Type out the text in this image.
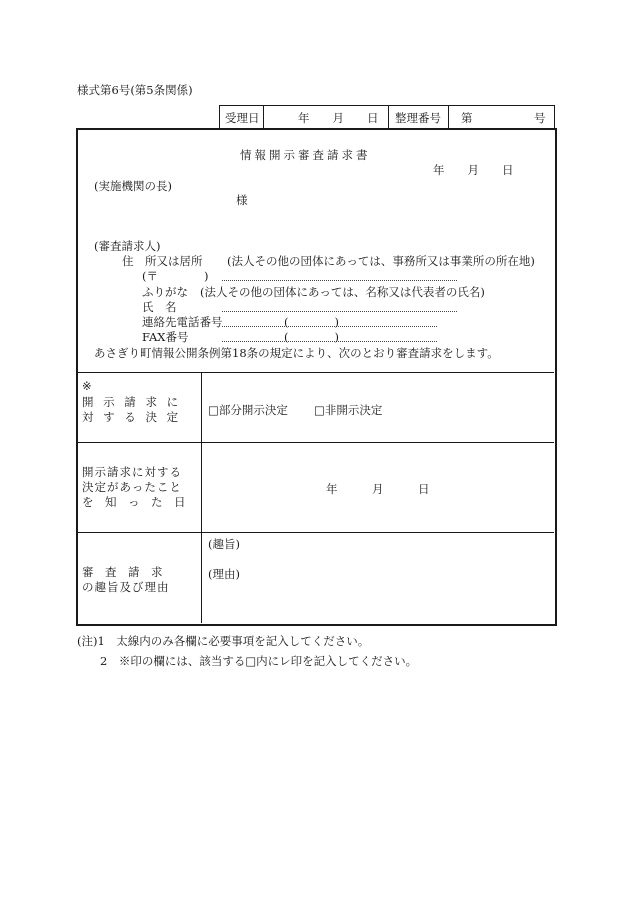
様式第6号(第5条関係)
受理日	年　　月　　日 整理番号 第	号
情報開示審査請求書
年　　月　　日
(実施機関の長)
様
(審査請求人)
住　所又は居所 (法人その他の団体にあっては、事務所又は事業所の所在地)
(〒　　　　)
ふりがな (法人その他の団体にあっては、名称又は代表者の氏名)
氏　名
連絡先電話番号	(　　　　)
FAX番号	(　　　　)
あさぎり町情報公開条例第18条の規定により、次のとおり審査請求をします。
※
開 示 請 求 に
対 す る 決 定 □部分開示決定 □非開示決定
開示請求に対する
決定があったこと
を　知　っ　た　日
年　　　月　　　日
審　査　請　求
の趣旨及び理由
(趣旨)
(理由)
(注)1　太線内のみ各欄に必要事項を記入してください。
2　※印の欄には、該当する□内にレ印を記入してください。
